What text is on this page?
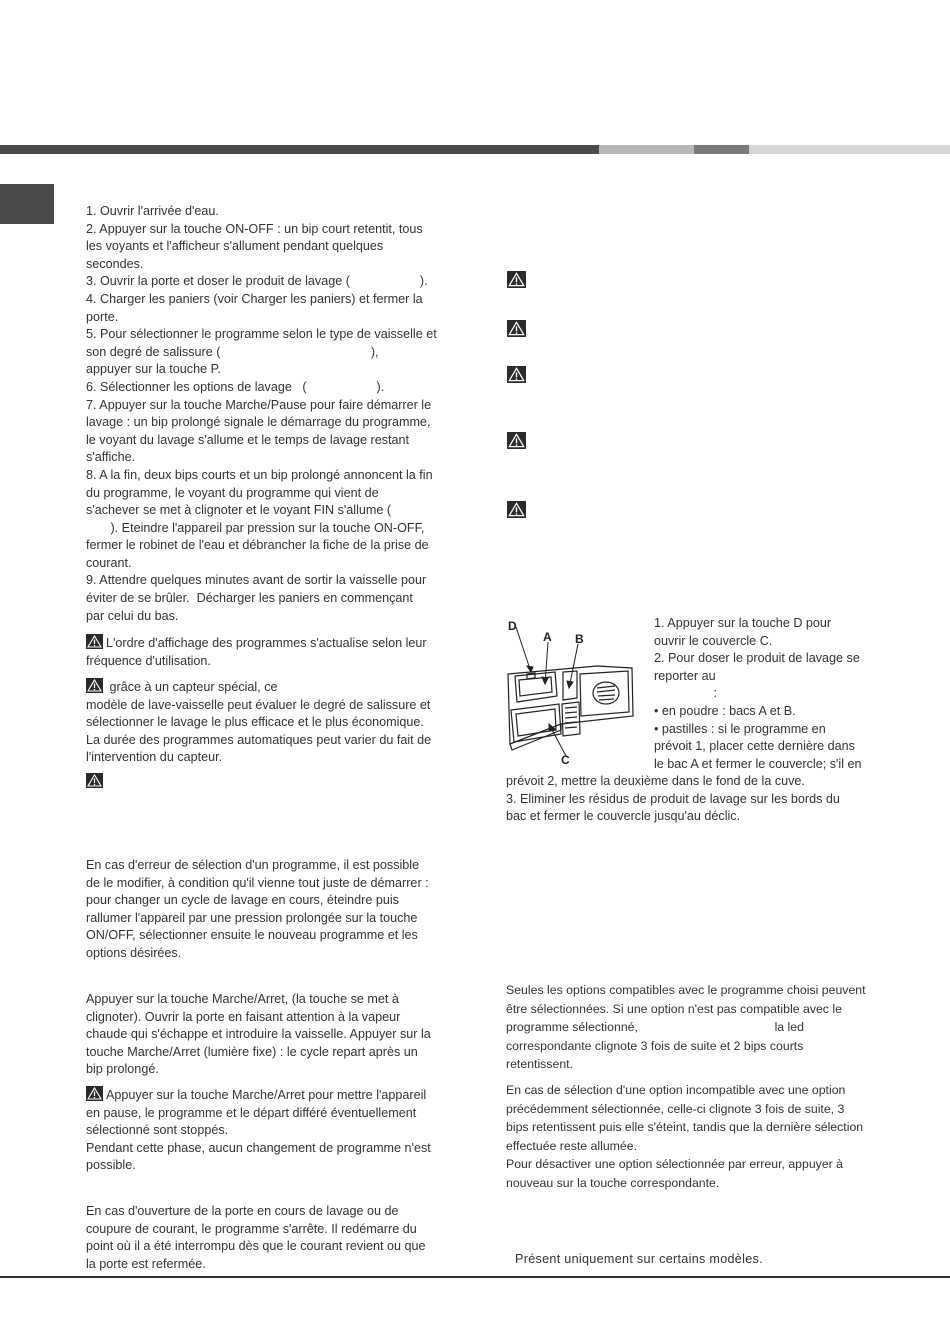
1. Ouvrir l'arrivée d'eau.
2. Appuyer sur la touche ON-OFF : un bip court retentit, tous
les voyants et l'afficheur s'allument pendant quelques
secondes.
3. Ouvrir la porte et doser le produit de lavage (                    ).
4. Charger les paniers (voir Charger les paniers) et fermer la
porte.
5. Pour sélectionner le programme selon le type de vaisselle et
son degré de salissure (                                           ),
appuyer sur la touche P.
6. Sélectionner les options de lavage   (                    ).
7. Appuyer sur la touche Marche/Pause pour faire démarrer le
lavage : un bip prolongé signale le démarrage du programme,
le voyant du lavage s'allume et le temps de lavage restant
s'affiche.
8. A la fin, deux bips courts et un bip prolongé annoncent la fin
du programme, le voyant du programme qui vient de
s'achever se met à clignoter et le voyant FIN s'allume (
). Eteindre l'appareil par pression sur la touche ON-OFF,
fermer le robinet de l'eau et débrancher la fiche de la prise de
courant.
9. Attendre quelques minutes avant de sortir la vaisselle pour
éviter de se brûler.  Décharger les paniers en commençant
par celui du bas.
L'ordre d'affichage des programmes s'actualise selon leur
fréquence d'utilisation.
grâce à un capteur spécial, ce
modèle de lave-vaisselle peut évaluer le degré de salissure et
sélectionner le lavage le plus efficace et le plus économique.
La durée des programmes automatiques peut varier du fait de
l'intervention du capteur.
En cas d'erreur de sélection d'un programme, il est possible
de le modifier, à condition qu'il vienne tout juste de démarrer :
pour changer un cycle de lavage en cours, éteindre puis
rallumer l'appareil par une pression prolongée sur la touche
ON/OFF, sélectionner ensuite le nouveau programme et les
options désirées.
Appuyer sur la touche Marche/Arret, (la touche se met à
clignoter). Ouvrir la porte en faisant attention à la vapeur
chaude qui s'échappe et introduire la vaisselle. Appuyer sur la
touche Marche/Arret (lumière fixe) : le cycle repart après un
bip prolongé.
Appuyer sur la touche Marche/Arret pour mettre l'appareil
en pause, le programme et le départ différé éventuellement
sélectionné sont stoppés.
Pendant cette phase, aucun changement de programme n'est
possible.
En cas d'ouverture de la porte en cours de lavage ou de
coupure de courant, le programme s'arrête. Il redémarre du
point où il a été interrompu dès que le courant revient ou que
la porte est refermée.
D
A B
C
1. Appuyer sur la touche D pour
ouvrir le couvercle C.
2. Pour doser le produit de lavage se
reporter au
:
• en poudre : bacs A et B.
• pastilles : si le programme en
prévoit 1, placer cette dernière dans
le bac A et fermer le couvercle; s'il en
prévoit 2, mettre la deuxième dans le fond de la cuve.
3. Eliminer les résidus de produit de lavage sur les bords du
bac et fermer le couvercle jusqu'au déclic.
Seules les options compatibles avec le programme choisi peuvent
être sélectionnées. Si une option n'est pas compatible avec le
programme sélectionné,                                        la led
correspondante clignote 3 fois de suite et 2 bips courts
retentissent.
En cas de sélection d'une option incompatible avec une option
précédemment sélectionnée, celle-ci clignote 3 fois de suite, 3
bips retentissent puis elle s'éteint, tandis que la dernière sélection
effectuée reste allumée.
Pour désactiver une option sélectionnée par erreur, appuyer à
nouveau sur la touche correspondante.
Présent uniquement sur certains modèles.
